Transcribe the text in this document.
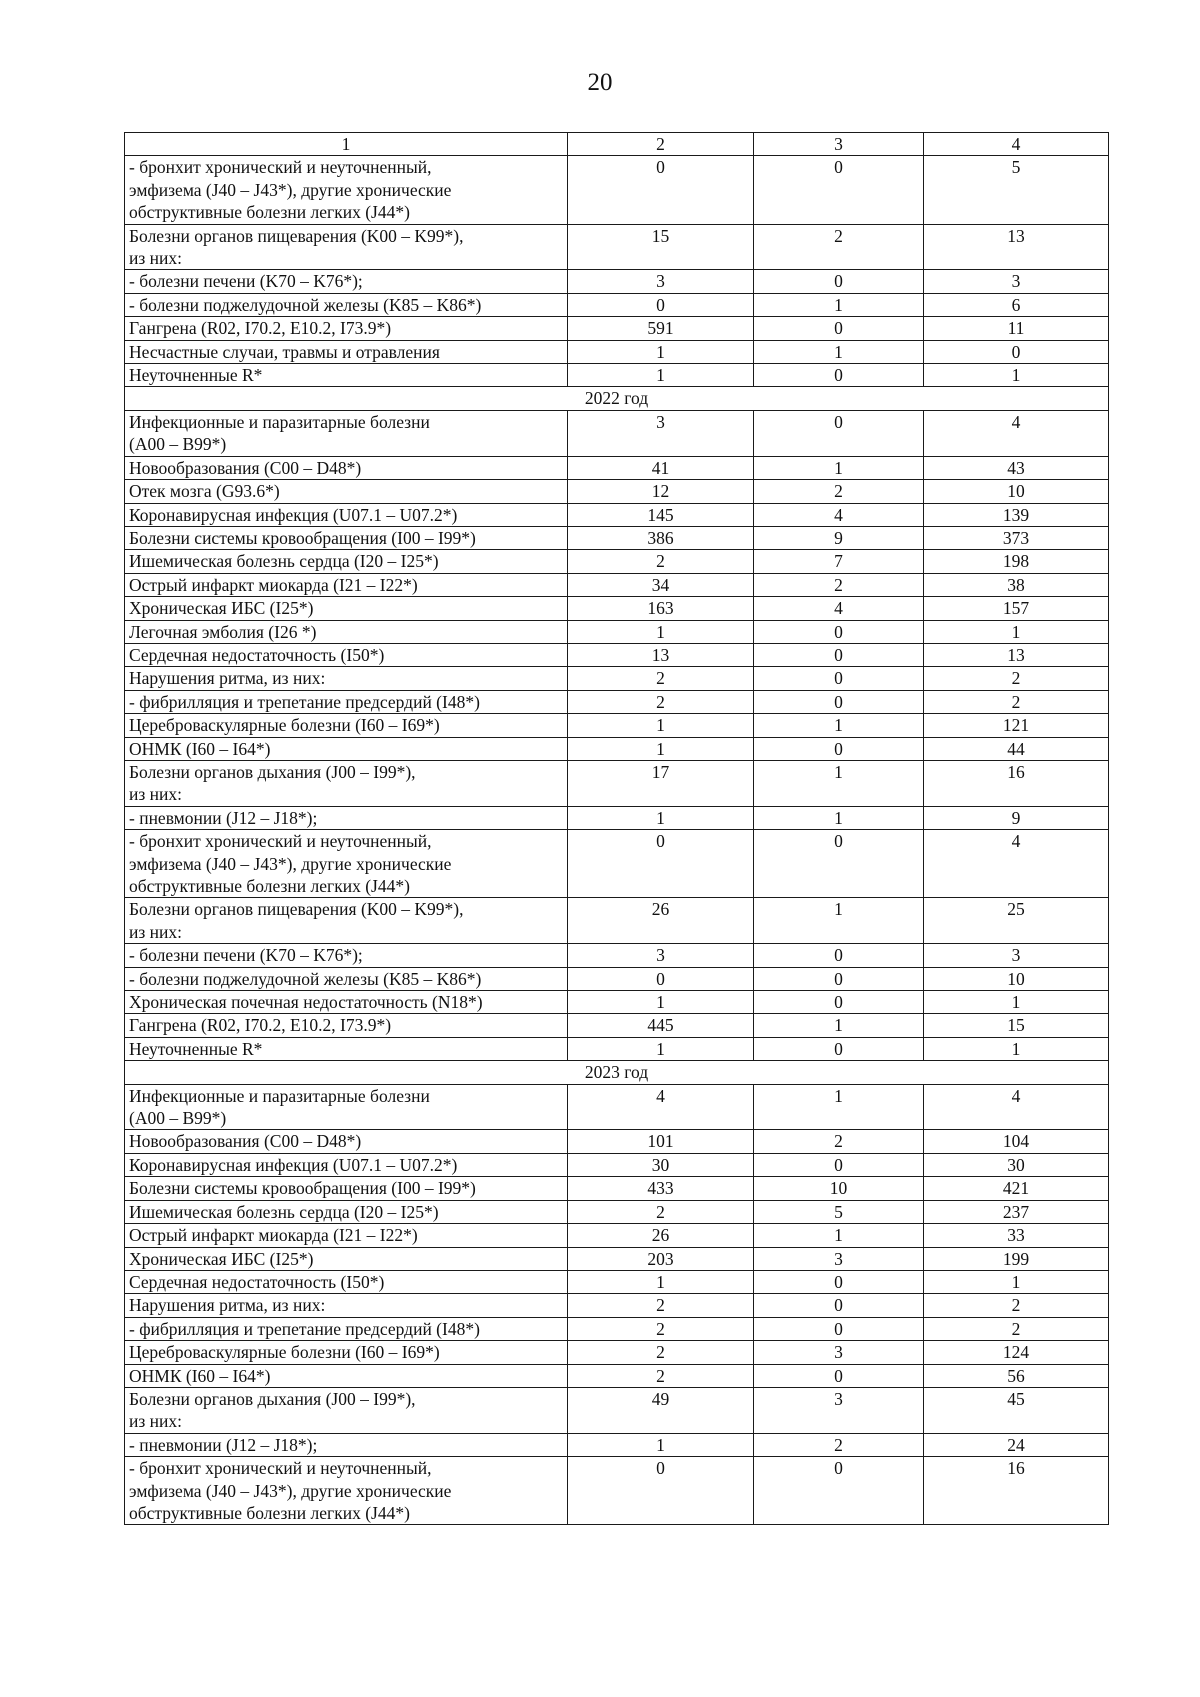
20
1	2	3	4
- бронхит хронический и неуточненный,
эмфизема (J40 – J43*), другие хронические
обструктивные болезни легких (J44*)	0	0	5
Болезни органов пищеварения (K00 – K99*),
из них:	15	2	13
- болезни печени (K70 – K76*);	3	0	3
- болезни поджелудочной железы (K85 – K86*)	0	1	6
Гангрена (R02, I70.2, E10.2, I73.9*)	591	0	11
Несчастные случаи, травмы и отравления	1	1	0
Неуточненные R*	1	0	1
2022 год			
Инфекционные и паразитарные болезни
(А00 – В99*)	3	0	4
Новообразования (С00 – D48*)	41	1	43
Отек мозга (G93.6*)	12	2	10
Коронавирусная инфекция (U07.1 – U07.2*)	145	4	139
Болезни системы кровообращения (I00 – I99*)	386	9	373
Ишемическая болезнь сердца (I20 – I25*)	2	7	198
Острый инфаркт миокарда (I21 – I22*)	34	2	38
Хроническая ИБС (I25*)	163	4	157
Легочная эмболия (I26 *)	1	0	1
Сердечная недостаточность (I50*)	13	0	13
Нарушения ритма, из них:	2	0	2
- фибрилляция и трепетание предсердий (I48*)	2	0	2
Цереброваскулярные болезни (I60 – I69*)	1	1	121
ОНМК (I60 – I64*)	1	0	44
Болезни органов дыхания (J00 – I99*),
из них:	17	1	16
- пневмонии (J12 – J18*);	1	1	9
- бронхит хронический и неуточненный,
эмфизема (J40 – J43*), другие хронические
обструктивные болезни легких (J44*)	0	0	4
Болезни органов пищеварения (K00 – K99*),
из них:	26	1	25
- болезни печени (K70 – K76*);	3	0	3
- болезни поджелудочной железы (K85 – K86*)	0	0	10
Хроническая почечная недостаточность (N18*)	1	0	1
Гангрена (R02, I70.2, E10.2, I73.9*)	445	1	15
Неуточненные R*	1	0	1
2023 год			
Инфекционные и паразитарные болезни
(А00 – В99*)	4	1	4
Новообразования (С00 – D48*)	101	2	104
Коронавирусная инфекция (U07.1 – U07.2*)	30	0	30
Болезни системы кровообращения (I00 – I99*)	433	10	421
Ишемическая болезнь сердца (I20 – I25*)	2	5	237
Острый инфаркт миокарда (I21 – I22*)	26	1	33
Хроническая ИБС (I25*)	203	3	199
Сердечная недостаточность (I50*)	1	0	1
Нарушения ритма, из них:	2	0	2
- фибрилляция и трепетание предсердий (I48*)	2	0	2
Цереброваскулярные болезни (I60 – I69*)	2	3	124
ОНМК (I60 – I64*)	2	0	56
Болезни органов дыхания (J00 – I99*),
из них:	49	3	45
- пневмонии (J12 – J18*);	1	2	24
- бронхит хронический и неуточненный,
эмфизема (J40 – J43*), другие хронические
обструктивные болезни легких (J44*)	0	0	16
